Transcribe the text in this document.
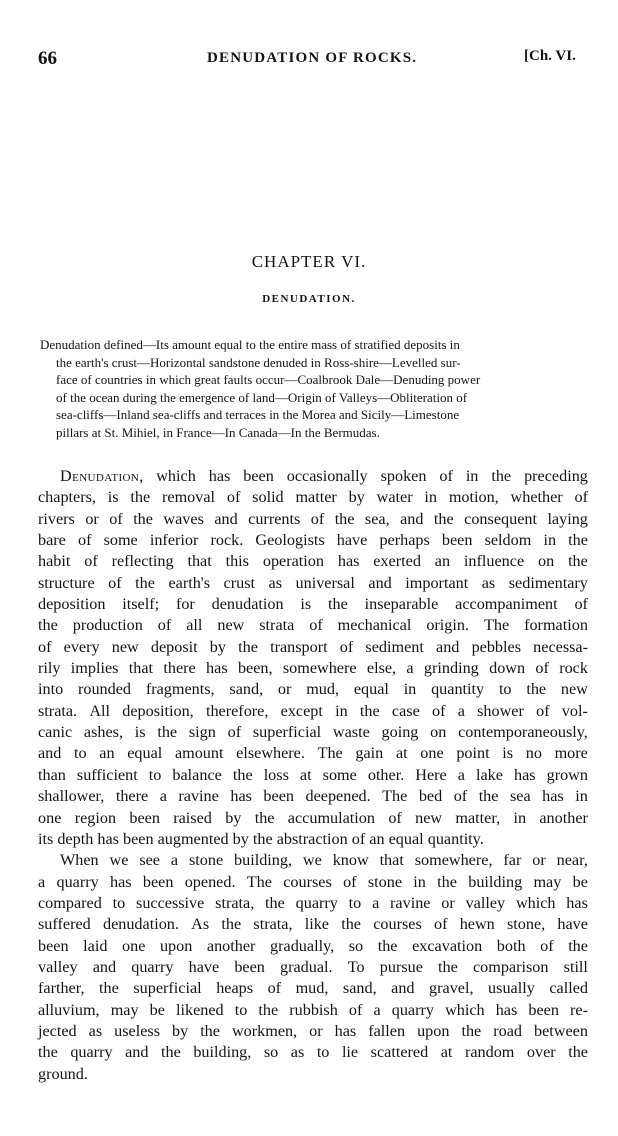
66	DENUDATION OF ROCKS.	[Ch. VI.
CHAPTER VI.
DENUDATION.
Denudation defined—Its amount equal to the entire mass of stratified deposits in
the earth's crust—Horizontal sandstone denuded in Ross-shire—Levelled sur-
face of countries in which great faults occur—Coalbrook Dale—Denuding power
of the ocean during the emergence of land—Origin of Valleys—Obliteration of
sea-cliffs—Inland sea-cliffs and terraces in the Morea and Sicily—Limestone
pillars at St. Mihiel, in France—In Canada—In the Bermudas.
Denudation, which has been occasionally spoken of in the preceding
chapters, is the removal of solid matter by water in motion, whether of
rivers or of the waves and currents of the sea, and the consequent laying
bare of some inferior rock. Geologists have perhaps been seldom in the
habit of reflecting that this operation has exerted an influence on the
structure of the earth's crust as universal and important as sedimentary
deposition itself; for denudation is the inseparable accompaniment of
the production of all new strata of mechanical origin. The formation
of every new deposit by the transport of sediment and pebbles necessa-
rily implies that there has been, somewhere else, a grinding down of rock
into rounded fragments, sand, or mud, equal in quantity to the new
strata. All deposition, therefore, except in the case of a shower of vol-
canic ashes, is the sign of superficial waste going on contemporaneously,
and to an equal amount elsewhere. The gain at one point is no more
than sufficient to balance the loss at some other. Here a lake has grown
shallower, there a ravine has been deepened. The bed of the sea has in
one region been raised by the accumulation of new matter, in another
its depth has been augmented by the abstraction of an equal quantity.
When we see a stone building, we know that somewhere, far or near,
a quarry has been opened. The courses of stone in the building may be
compared to successive strata, the quarry to a ravine or valley which has
suffered denudation. As the strata, like the courses of hewn stone, have
been laid one upon another gradually, so the excavation both of the
valley and quarry have been gradual. To pursue the comparison still
farther, the superficial heaps of mud, sand, and gravel, usually called
alluvium, may be likened to the rubbish of a quarry which has been re-
jected as useless by the workmen, or has fallen upon the road between
the quarry and the building, so as to lie scattered at random over the
ground.
